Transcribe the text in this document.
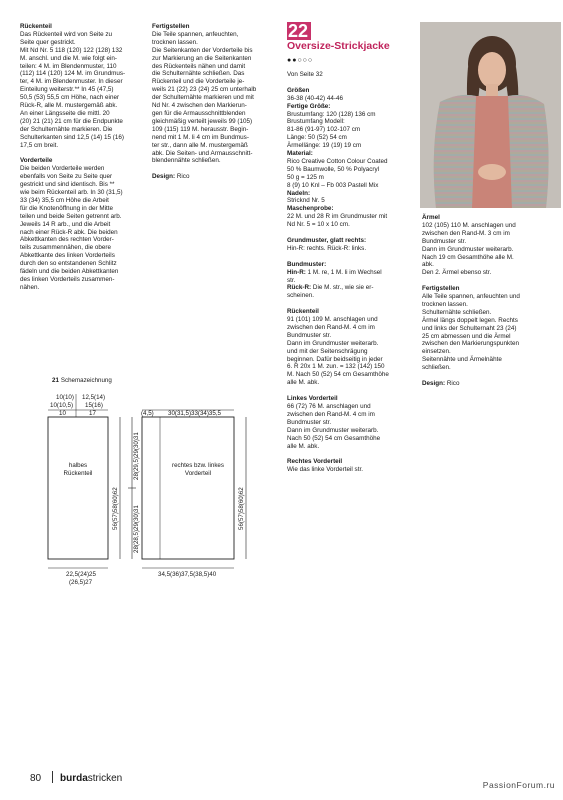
Rückenteil

Das Rückenteil wird von Seite zu

Seite quer gestrickt.

Mit Nd Nr. 5 118 (120) 122 (128) 132

M. anschl. und die M. wie folgt ein-

teilen: 4 M. im Blendenmuster, 110

(112) 114 (120) 124 M. im Grundmus-

ter, 4 M. im Blendenmuster. In dieser

Einteilung weiterstr.** In 45 (47,5)

50,5 (53) 55,5 cm Höhe, nach einer

Rück-R, alle M. mustergemäß abk.

An einer Längsseite die mittl. 20

(20) 21 (21) 21 cm für die Endpunkte

der Schulternähte markieren. Die

Schulterkanten sind 12,5 (14) 15 (16)

17,5 cm breit.

Vorderteile

Die beiden Vorderteile werden

ebenfalls von Seite zu Seite quer

gestrickt und sind identisch. Bis **

wie beim Rückenteil arb. In 30 (31,5)

33 (34) 35,5 cm Höhe die Arbeit

für die Knotenöffnung in der Mitte

teilen und beide Seiten getrennt arb.

Jeweils 14 R arb., und die Arbeit

nach einer Rück-R abk. Die beiden

Abkettkanten des rechten Vorder-

teils zusammennähen, die obere

Abkettkante des linken Vorderteils

durch den so entstandenen Schlitz

fädeln und die beiden Abkettkanten

des linken Vorderteils zusammen-

nähen.

Fertigstellen

Die Teile spannen, anfeuchten,

trocknen lassen.

Die Seitenkanten der Vorderteile bis

zur Markierung an die Seitenkanten

des Rückenteils nähen und damit

die Schulternähte schließen. Das

Rückenteil und die Vorderteile je-

weils 21 (22) 23 (24) 25 cm unterhalb

der Schulternähte markieren und mit

Nd Nr. 4 zwischen den Markierun-

gen für die Armausschnittblenden

gleichmäßig verteilt jeweils 99 (105)

109 (115) 119 M. herausstr. Begin-

nend mit 1 M. li 4 cm im Bundmus-

ter str., dann alle M. mustergemäß

abk. Die Seiten- und Armausschnitt-

blendennähte schließen.

Design: Rico

22
Oversize-Strickjacke
●●○○○

Von Seite 32

Größen

36-38 (40-42) 44-46

Fertige Größe:

Brustumfang: 120 (128) 136 cm

Brustumfang Modell:

81-86 (91-97) 102-107 cm

Länge: 50 (52) 54 cm

Ärmellänge: 19 (19) 19 cm

Material:

Rico Creative Cotton Colour Coated

50 % Baumwolle, 50 % Polyacryl

50 g = 125 m

8 (9) 10 Knl – Fb 003 Pastell Mix

Nadeln:

Stricknd Nr. 5

Maschenprobe:

22 M. und 28 R im Grundmuster mit

Nd Nr. 5 = 10 x 10 cm.

Grundmuster, glatt rechts:

Hin-R: rechts. Rück-R: links.

Bundmuster:

Hin-R: 1 M. re, 1 M. li im Wechsel

str.

Rück-R: Die M. str., wie sie er-

scheinen.

Rückenteil

91 (101) 109 M. anschlagen und

zwischen den Rand-M. 4 cm im

Bundmuster str.

Dann im Grundmuster weiterarb.

und mit der Seitenschrägung

beginnen. Dafür beidseitig in jeder

6. R 20x 1 M. zun. = 132 (142) 150

M. Nach 50 (52) 54 cm Gesamthöhe

alle M. abk.

Linkes Vorderteil

66 (72) 76 M. anschlagen und

zwischen den Rand-M. 4 cm im

Bundmuster str.

Dann im Grundmuster weiterarb.

Nach 50 (52) 54 cm Gesamthöhe

alle M. abk.

Rechtes Vorderteil

Wie das linke Vorderteil str.

Ärmel

102 (105) 110 M. anschlagen und

zwischen den Rand-M. 3 cm im

Bundmuster str.

Dann im Grundmuster weiterarb.

Nach 19 cm Gesamthöhe alle M.

abk.

Den 2. Ärmel ebenso str.

Fertigstellen

Alle Teile spannen, anfeuchten und

trocknen lassen.

Schulternähte schließen.

Ärmel längs doppelt legen. Rechts

und links der Schulternaht 23 (24)

25 cm abmessen und die Ärmel

zwischen den Markierungspunkten

einsetzen.

Seitennähte und Ärmelnähte

schließen.

Design: Rico

21 Schemazeichnung
10(10)
10(10,5)
10
12,5(14)
15(16)
17
halbes
Rückenteil
56(57)58(60)62
22,5(24)25
(26,5)27
28(29,5)29(30)31
28(28,5)29(30)31
(4,5) 30(31,5)33(34)35,5
rechtes bzw. linkes
Vorderteil
56(57)58(60)62
34,5(36)37,5(38,5)40
80 burdastricken
PassionForum.ru
